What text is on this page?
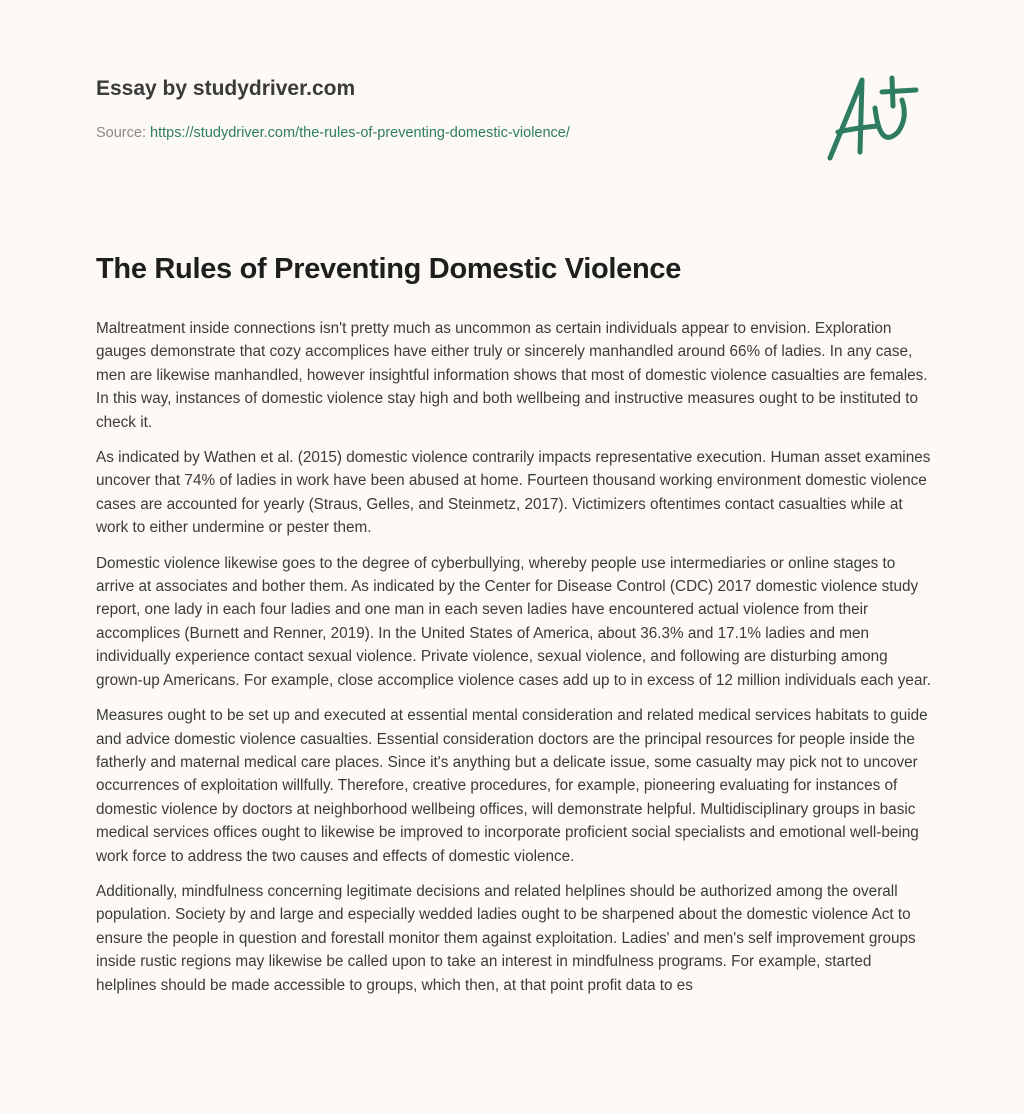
Essay by studydriver.com
Source: https://studydriver.com/the-rules-of-preventing-domestic-violence/
The Rules of Preventing Domestic Violence

Maltreatment inside connections isn't pretty much as uncommon as certain individuals appear to envision. Exploration gauges demonstrate that cozy accomplices have either truly or sincerely manhandled around 66% of ladies. In any case, men are likewise manhandled, however insightful information shows that most of domestic violence casualties are females. In this way, instances of domestic violence stay high and both wellbeing and instructive measures ought to be instituted to check it.

As indicated by Wathen et al. (2015) domestic violence contrarily impacts representative execution. Human asset examines uncover that 74% of ladies in work have been abused at home. Fourteen thousand working environment domestic violence cases are accounted for yearly (Straus, Gelles, and Steinmetz, 2017). Victimizers oftentimes contact casualties while at work to either undermine or pester them.

Domestic violence likewise goes to the degree of cyberbullying, whereby people use intermediaries or online stages to arrive at associates and bother them. As indicated by the Center for Disease Control (CDC) 2017 domestic violence study report, one lady in each four ladies and one man in each seven ladies have encountered actual violence from their accomplices (Burnett and Renner, 2019). In the United States of America, about 36.3% and 17.1% ladies and men individually experience contact sexual violence. Private violence, sexual violence, and following are disturbing among grown-up Americans. For example, close accomplice violence cases add up to in excess of 12 million individuals each year.

Measures ought to be set up and executed at essential mental consideration and related medical services habitats to guide and advice domestic violence casualties. Essential consideration doctors are the principal resources for people inside the fatherly and maternal medical care places. Since it's anything but a delicate issue, some casualty may pick not to uncover occurrences of exploitation willfully. Therefore, creative procedures, for example, pioneering evaluating for instances of domestic violence by doctors at neighborhood wellbeing offices, will demonstrate helpful. Multidisciplinary groups in basic medical services offices ought to likewise be improved to incorporate proficient social specialists and emotional well-being work force to address the two causes and effects of domestic violence.

Additionally, mindfulness concerning legitimate decisions and related helplines should be authorized among the overall population. Society by and large and especially wedded ladies ought to be sharpened about the domestic violence Act to ensure the people in question and forestall monitor them against exploitation. Ladies' and men's self improvement groups inside rustic regions may likewise be called upon to take an interest in mindfulness programs. For example, started helplines should be made accessible to groups, which then, at that point profit data to es
